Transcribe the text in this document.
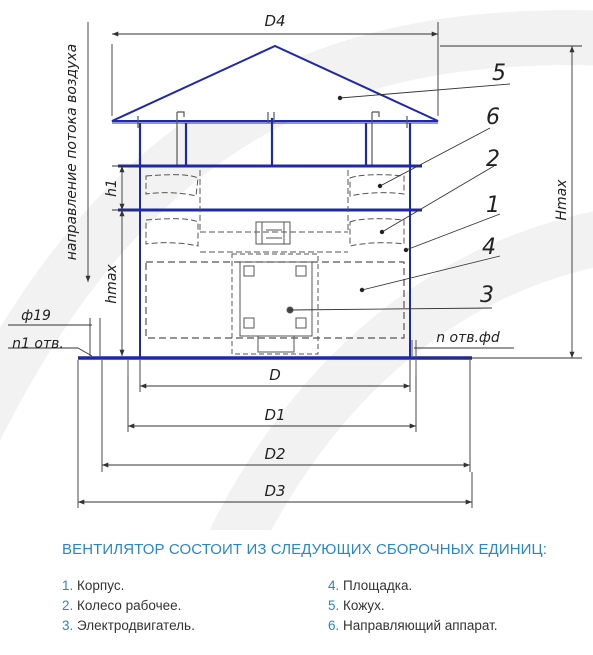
D4
D
D1
D2
D3
h1
hmax
Hmax
ф19
n1 отв.	n отв.фd
направление потока воздуха	5
6
2
1
4
3
ВЕНТИЛЯТОР СОСТОИТ ИЗ СЛЕДУЮЩИХ СБОРОЧНЫХ ЕДИНИЦ:
1. Корпус.
2. Колесо рабочее.
3. Электродвигатель.
4. Площадка.
5. Кожух.
6. Направляющий аппарат.
